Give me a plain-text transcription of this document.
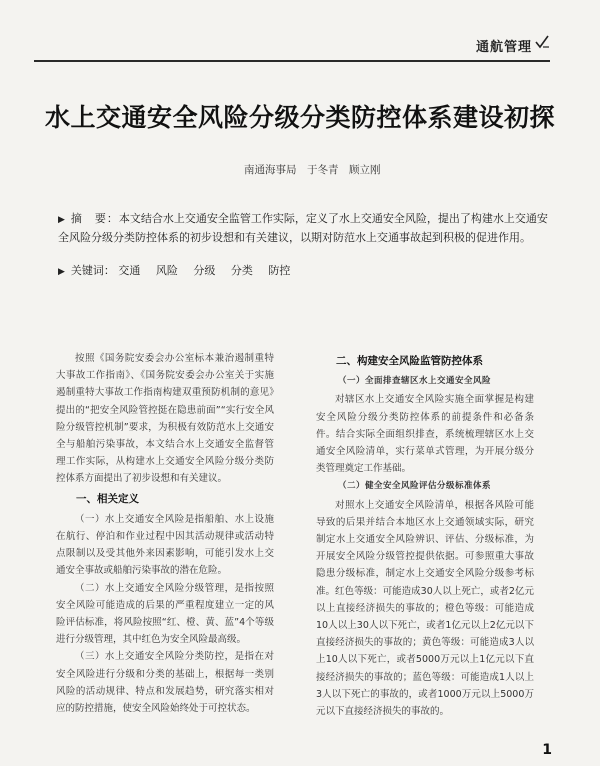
通航管理
水上交通安全风险分级分类防控体系建设初探
南通海事局　于冬青　顾立刚
▶ 摘　要：本文结合水上交通安全监管工作实际，定义了水上交通安全风险，提出了构建水上交通安全风险分级分类防控体系的初步设想和有关建议，以期对防范水上交通事故起到积极的促进作用。
▶ 关键词： 交通 风险 分级 分类 防控

按照《国务院安委会办公室标本兼治遏制重特大事故工作指南》、《国务院安委会办公室关于实施遏制重特大事故工作指南构建双重预防机制的意见》提出的“把安全风险管控挺在隐患前面”“实行安全风险分级管控机制”要求，为积极有效防范水上交通安全与船舶污染事故，本文结合水上交通安全监督管理工作实际，从构建水上交通安全风险分级分类防控体系方面提出了初步设想和有关建议。

一、相关定义

（一）水上交通安全风险是指船舶、水上设施在航行、停泊和作业过程中因其活动规律或活动特点限制以及受其他外来因素影响，可能引发水上交通安全事故或船舶污染事故的潜在危险。

（二）水上交通安全风险分级管理，是指按照安全风险可能造成的后果的严重程度建立一定的风险评估标准，将风险按照“红、橙、黄、蓝”4个等级进行分级管理，其中红色为安全风险最高级。

（三）水上交通安全风险分类防控，是指在对安全风险进行分级和分类的基础上，根据每一类别风险的活动规律、特点和发展趋势，研究落实相对应的防控措施，使安全风险始终处于可控状态。

二、构建安全风险监管防控体系
（一）全面排查辖区水上交通安全风险

对辖区水上交通安全风险实施全面掌握是构建安全风险分级分类防控体系的前提条件和必备条件。结合实际全面组织排查，系统梳理辖区水上交通安全风险清单，实行菜单式管理，为开展分级分类管理奠定工作基础。

（二）健全安全风险评估分级标准体系

对照水上交通安全风险清单，根据各风险可能导致的后果并结合本地区水上交通领域实际，研究制定水上交通安全风险辨识、评估、分级标准，为开展安全风险分级管控提供依据。可参照重大事故隐患分级标准，制定水上交通安全风险分级参考标准。红色等级：可能造成30人以上死亡，或者2亿元以上直接经济损失的事故的；橙色等级：可能造成10人以上30人以下死亡，或者1亿元以上2亿元以下直接经济损失的事故的；黄色等级：可能造成3人以上10人以下死亡，或者5000万元以上1亿元以下直接经济损失的事故的；蓝色等级：可能造成1人以上3人以下死亡的事故的，或者1000万元以上5000万元以下直接经济损失的事故的。

1
